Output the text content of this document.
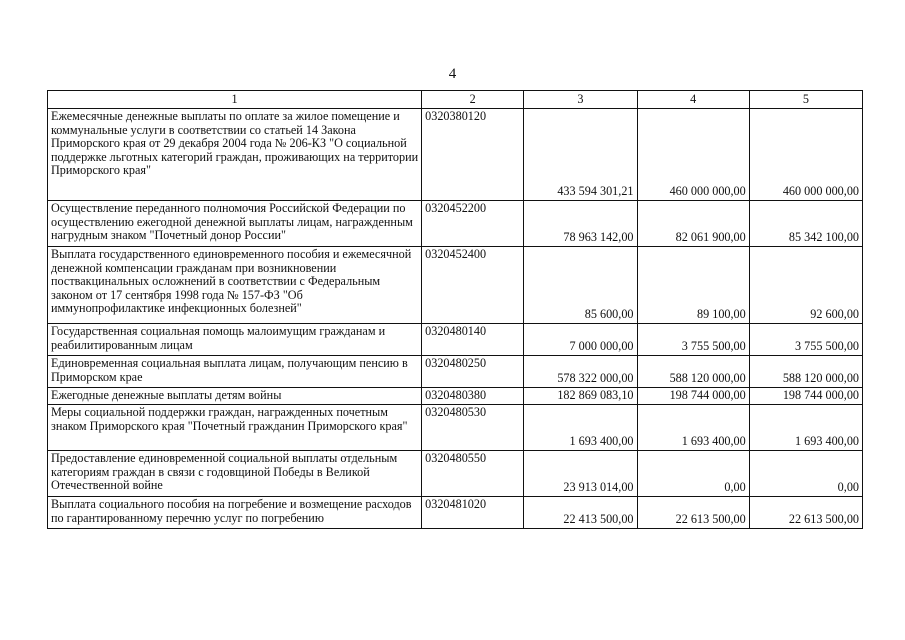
4
1	2	3	4	5
Ежемесячные денежные выплаты по оплате за жилое помещение и коммунальные услуги в соответствии со статьей 14 Закона Приморского края от 29 декабря 2004 года № 206-КЗ "О социальной поддержке льготных категорий граждан, проживающих на территории Приморского края"	0320380120	433 594 301,21	460 000 000,00	460 000 000,00
Осуществление переданного полномочия Российской Федерации по осуществлению ежегодной денежной выплаты лицам, награжденным нагрудным знаком "Почетный донор России"	0320452200	78 963 142,00	82 061 900,00	85 342 100,00
Выплата государственного единовременного пособия и ежемесячной денежной компенсации гражданам при возникновении поствакцинальных осложнений в соответствии с Федеральным законом от 17 сентября 1998 года № 157-ФЗ "Об иммунопрофилактике инфекционных болезней"	0320452400	85 600,00	89 100,00	92 600,00
Государственная социальная помощь малоимущим гражданам и реабилитированным лицам	0320480140	7 000 000,00	3 755 500,00	3 755 500,00
Единовременная социальная выплата лицам, получающим пенсию в Приморском крае	0320480250	578 322 000,00	588 120 000,00	588 120 000,00
Ежегодные денежные выплаты детям войны	0320480380	182 869 083,10	198 744 000,00	198 744 000,00
Меры социальной поддержки граждан, награжденных почетным знаком Приморского края "Почетный гражданин Приморского края"	0320480530	1 693 400,00	1 693 400,00	1 693 400,00
Предоставление единовременной социальной выплаты отдельным категориям граждан в связи с годовщиной Победы в Великой Отечественной войне	0320480550	23 913 014,00	0,00	0,00
Выплата социального пособия на погребение и возмещение расходов по гарантированному перечню услуг по погребению	0320481020	22 413 500,00	22 613 500,00	22 613 500,00
